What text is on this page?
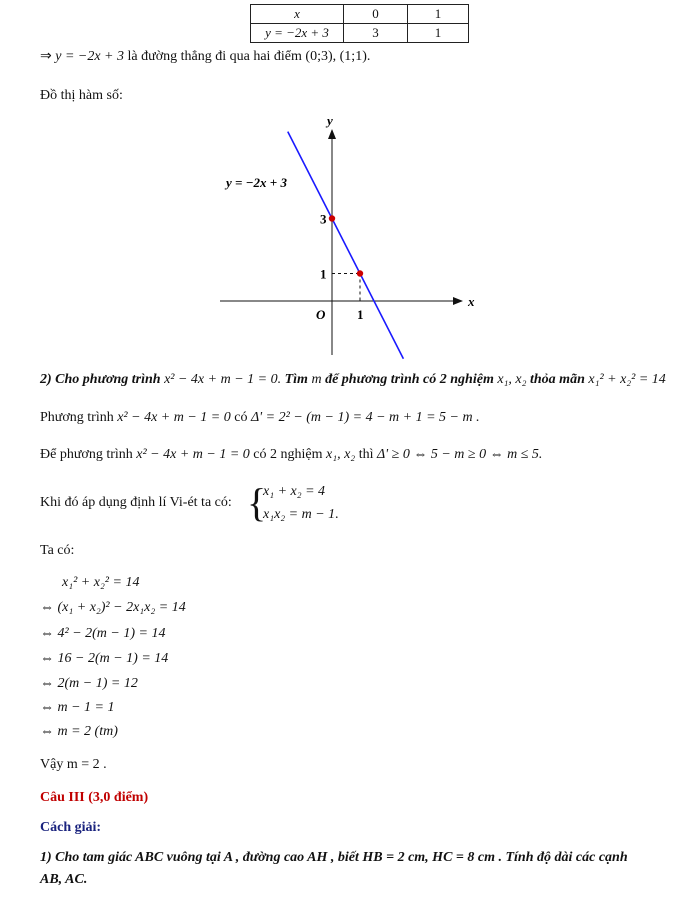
x	0	1
y = −2x + 3	3	1
⇒ y = −2x + 3 là đường thẳng đi qua hai điểm (0;3), (1;1).
Đồ thị hàm số:
x
y
O
y = −2x + 3
1
1
3
2) Cho phương trình x² − 4x + m − 1 = 0. Tìm m để phương trình có 2 nghiệm x₁, x₂ thỏa mãn x₁² + x₂² = 14
Phương trình x² − 4x + m − 1 = 0 có Δ' = 2² − (m − 1) = 4 − m + 1 = 5 − m .
Để phương trình x² − 4x + m − 1 = 0 có 2 nghiệm x₁, x₂ thì Δ' ≥ 0 ⇔ 5 − m ≥ 0 ⇔ m ≤ 5.
Khi đó áp dụng định lí Vi-ét ta có: {
x₁ + x₂ = 4
x₁x₂ = m − 1 .
Ta có:
x₁² + x₂² = 14
⇔ (x₁ + x₂)² − 2x₁x₂ = 14
⇔ 4² − 2(m − 1) = 14
⇔ 16 − 2(m − 1) = 14
⇔ 2(m − 1) = 12
⇔ m − 1 = 1
⇔ m = 2 (tm)
Vậy m = 2 .
Câu III (3,0 điểm)
Cách giải:
1) Cho tam giác ABC vuông tại A , đường cao AH , biết HB = 2 cm, HC = 8 cm . Tính độ dài các cạnh
AB, AC.
